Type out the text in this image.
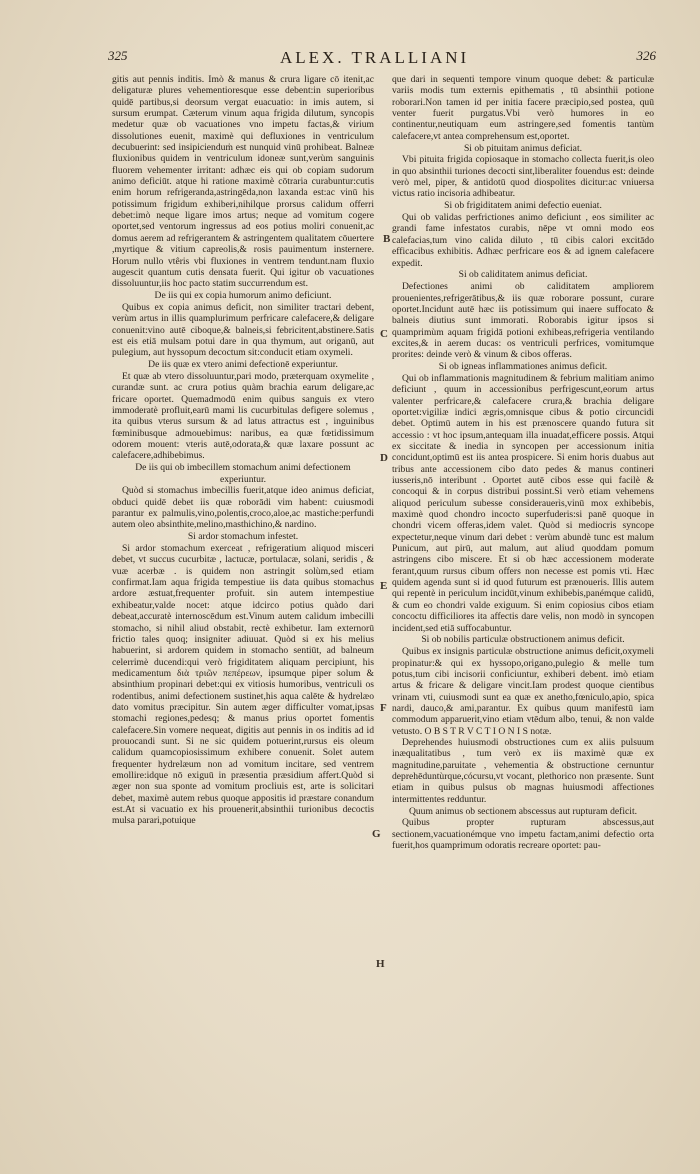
325	ALEX. TRALLIANI	326

gitis aut pennis inditis. Imò & manus & crura ligare cō itenit,ac deligaturæ plures vehementioresque esse debent:in superioribus quidē partibus,si deorsum vergat euacuatio: in imis autem, si sursum erumpat. Cæterum vinum aqua frigida dilutum, syncopis medetur quæ ob vacuationes vno impetu factas,& virium dissolutiones euenit, maximè qui defluxiones in ventriculum decubuerint: sed insipicienduṁ est nunquid vinū prohibeat. Balneæ fluxionibus quidem in ventriculum idoneæ sunt,verùm sanguinis fluorem vehementer irritant: adhæc eis qui ob copiam sudorum animo deficiūt. atque hi ratione maximè cōtraria curabuntur:cutis enim horum refrigeranda,astringēda,non laxanda est:ac vinū his potissimum frigidum exhiberi,nihilque prorsus calidum offerri debet:imò neque ligare imos artus; neque ad vomitum cogere oportet,sed ventorum ingressus ad eos potius moliri conuenit,ac domus aerem ad refrigerantem & astringentem qualitatem cōuertere ,myrtique & vitium capreolis,& rosis pauimentum insternere. Horum nullo vtêris vbi fluxiones in ventrem tendunt.nam fluxio augescit quantum cutis densata fuerit. Qui igitur ob vacuationes dissoluuntur,iis hoc pacto statim succurrendum est.

De iis qui ex copia humorum animo deficiunt.

Quibus ex copia animus deficit, non similiter tractari debent, verùm artus in illis quamplurimum perfricare calefacere,& deligare conuenit:vino autē ciboque,& balneis,si febricitent,abstinere.Satis est eis etiā mulsam potui dare in qua thymum, aut origanū, aut pulegium, aut hyssopum decoctum sit:conducit etiam oxymeli.

De iis quæ ex vtero animi defectionē experiuntur.

Et quæ ab vtero dissoluuntur,pari modo, præterquam oxymelite , curandæ sunt. ac crura potius quàm brachia earum deligare,ac fricare oportet. Quemadmodū enim quibus sanguis ex vtero immoderatè profluit,earū mami lis cucurbitulas defigere solemus , ita quibus vterus sursum & ad latus attractus est , inguinibus fœminibusque admouebimus: naribus, ea quæ fœtidissimum odorem mouent: vteris autē,odorata,& quæ laxare possunt ac calefacere,adhibebimus.

De iis qui ob imbecillem stomachum animi defectionem experiuntur.

Quòd si stomachus imbecillis fuerit,atque ideo animus deficiat, obduci quidē debet iis quæ roborādi vim habent: cuiusmodi parantur ex palmulis,vino,polentis,croco,aloe,ac mastiche:perfundi autem oleo absinthite,melino,masthichino,& nardino.

Si ardor stomachum infestet.

Si ardor stomachum exerceat , refrigeratium aliquod misceri debet, vt succus cucurbitæ , lactucæ, portulacæ, solani, seridis , & vuæ acerbæ . is quidem non astringit solùm,sed etiam confirmat.Iam aqua frigida tempestiue iis data quibus stomachus ardore æstuat,frequenter profuit. sin autem intempestiue exhibeatur,valde nocet: atque idcirco potius quàdo dari debeat,accuratè internoscēdum est.Vinum autem calidum imbecilli stomacho, si nihil aliud obstabit, rectè exhibetur. Iam externorū frictio tales quoq; insigniter adiuuat. Quòd si ex his melius habuerint, si ardorem quidem in stomacho sentiūt, ad balneum celerrimè ducendi:qui verò frigiditatem aliquam percipiunt, his medicamentum διὰ τριῶν πεπέρεων, ipsumque piper solum & absinthium propinari debet:qui ex vitiosis humoribus, ventriculi os rodentibus, animi defectionem sustinet,his aqua calēte & hydrelæo dato vomitus præcipitur. Sin autem æger difficulter vomat,ipsas stomachi regiones,pedesq; & manus prius oportet fomentis calefacere.Sin vomere nequeat, digitis aut pennis in os inditis ad id prouocandi sunt. Si ne sic quidem potuerint,rursus eis oleum calidum quamcopiosissimum exhibere conuenit. Solet autem frequenter hydrelæum non ad vomitum incitare, sed ventrem emollire:idque nō exiguū in præsentia præsidium affert.Quòd si æger non sua sponte ad vomitum procliuis est, arte is solicitari debet, maximè autem rebus quoque appositis id præstare conandum est.At si vacuatio ex his prouenerit,absinthii turionibus decoctis mulsa parari,potuique

que dari in sequenti tempore vinum quoque debet: & particulæ variis modis tum externis epithematis , tū absinthii potione roborari.Non tamen id per initia facere præcipio,sed postea, quū venter fuerit purgatus.Vbi verò humores in eo continentur,neutiquam eum astringere,sed fomentis tantùm calefacere,vt antea comprehensum est,oportet.

Si ob pituitam animus deficiat.

Vbi pituita frigida copiosaque in stomacho collecta fuerit,is oleo in quo absinthii turiones decocti sint,liberaliter fouendus est: deinde verò mel, piper, & antidotū quod diospolites dicitur:ac vniuersa victus ratio incisoria adhibeatur.

Si ob frigiditatem animi defectio eueniat.

Qui ob validas perfrictiones animo deficiunt , eos similiter ac grandi fame infestatos curabis, nēpe vt omni modo eos calefacias,tum vino calida diluto , tū cibis calori excitādo efficacibus exhibitis. Adhæc perfricare eos & ad ignem calefacere expedit.

Si ob caliditatem animus deficiat.

Defectiones animi ob caliditatem ampliorem prouenientes,refrigerātibus,& iis quæ roborare possunt, curare oportet.Incidunt autē hæc iis potissimum qui inaere suffocato & balneis diutius sunt immorati. Roborabis igitur ipsos si quamprimùm aquam frigidā potioni exhibeas,refrigeria ventilando excites,& in aerem ducas: os ventriculi perfrices, vomitumque prorites: deinde verò & vinum & cibos offeras.

Si ob igneas inflammationes animus deficit.

Qui ob inflammationis magnitudinem & febrium malitiam animo deficiunt , quum in accessionibus perfrigescunt,eorum artus valenter perfricare,& calefacere crura,& brachia deligare oportet:vigiliæ indici ægris,omnisque cibus & potio circuncidi debet. Optimū autem in his est prænoscere quando futura sit accessio : vt hoc ipsum,antequam illa inuadat,efficere possis. Atqui ex siccitate & inedia in syncopen per accessionum initia concidunt,optimū est iis antea prospicere. Si enim horis duabus aut tribus ante accessionem cibo dato pedes & manus contineri iusseris,nō interibunt . Oportet autē cibos esse qui facilè & concoqui & in corpus distribui possint.Si verò etiam vehemens aliquod periculum subesse considerauerìs,vinū mox exhibebis, maximè quod chondro incocto superfuderis:si panē quoque in chondri vicem offeras,idem valet. Quòd si mediocris syncope expectetur,neque vinum dari debet : verùm abundè tunc est malum Punicum, aut pirū, aut malum, aut aliud quoddam pomum astringens cibo miscere. Et si ob hæc accessionem moderate ferant,quum rursus cibum offers non necesse est pomis vti. Hæc quidem agenda sunt si id quod futurum est prænoueris. Illis autem qui repentè in periculum incidūt,vinum exhibebis,panémque calidū, & cum eo chondri valde exiguum. Si enim copiosius cibos etiam concoctu difficiliores ita affectis dare velis, non modò in syncopen incident,sed etiā suffocabuntur.

Si ob nobilis particulæ obstructionem animus deficit.

Quibus ex insignis particulæ obstructione animus deficit,oxymeli propinatur:& qui ex hyssopo,origano,pulegio & melle tum potus,tum cibi incisorii conficiuntur, exhiberi debent. imò etiam artus & fricare & deligare vincit.Iam prodest quoque cientibus vrinam vti, cuiusmodi sunt ea quæ ex anetho,fœniculo,apio, spica nardi, dauco,& ami,parantur. Ex quibus quum manifestū iam commodum apparuerit,vino etiam vtēdum albo, tenui, & non valde vetusto. O B S T R V C T I O N I S notæ.

Deprehendes huiusmodi obstructiones cum ex aliis pulsuum inæqualitatibus , tum verò ex iis maximè quæ ex magnitudine,paruitate , vehementia & obstructione cernuntur deprehēduntùrque,cócursu,vt vocant, plethorico non præsente. Sunt etiam in quibus pulsus ob magnas huiusmodi affectiones intermittentes redduntur.

Quum animus ob sectionem abscessus aut rupturam deficit.

Quibus propter rupturam abscessus,aut sectionem,vacuationémque vno impetu factam,animi defectio orta fuerit,hos quamprimum odoratis recreare oportet: pau-

B
C
D
E
F
G
H
